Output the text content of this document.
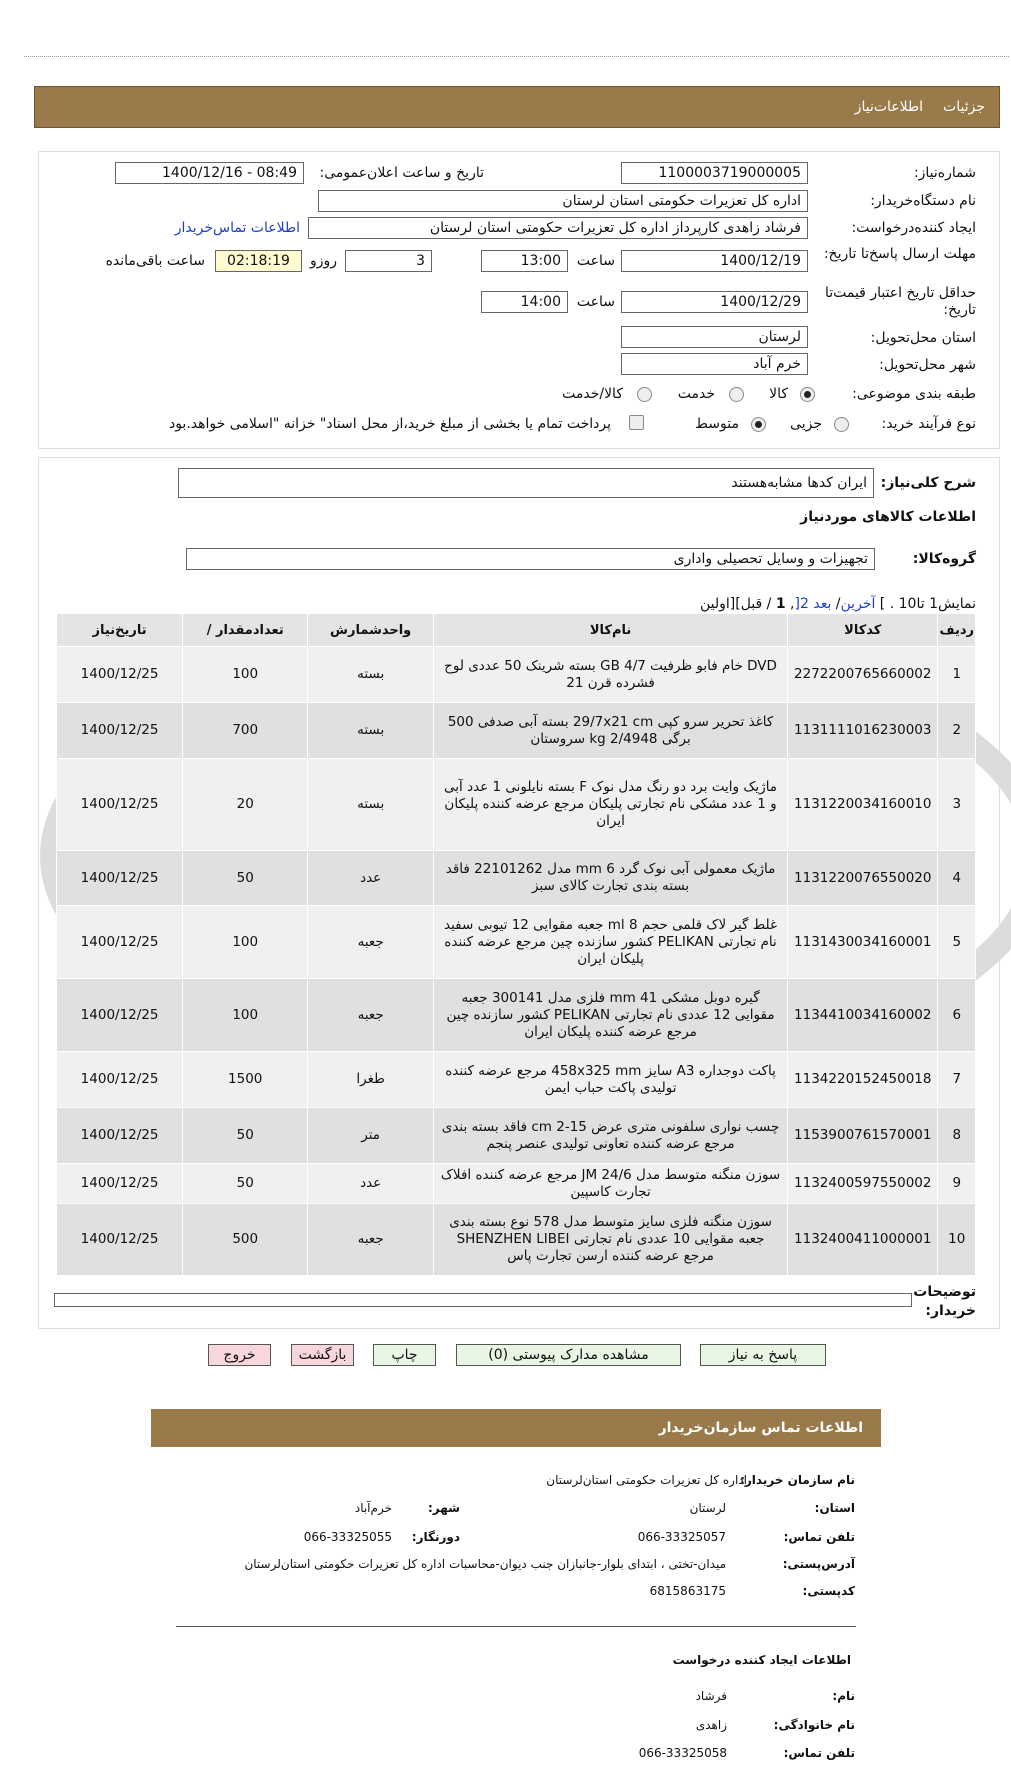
جزئیات
اطلاعات‌نیاز
شماره‌نیاز:
1100003719000005
تاریخ و ساعت اعلان‌عمومی:
1400/12/16 - 08:49
نام دستگاه‌خریدار:
اداره کل تعزیرات حکومتی استان لرستان
ایجاد کننده‌درخواست:
فرشاد زاهدی کارپرداز اداره کل تعزیرات حکومتی استان لرستان
اطلاعات تماس‌خریدار
مهلت ارسال پاسخ‌تا تاریخ:
1400/12/19
ساعت
13:00
3
روزو
02:18:19
ساعت باقی‌مانده
حداقل تاریخ اعتبار قیمت‌تا تاریخ:
1400/12/29
ساعت
14:00
استان محل‌تحویل:
لرستان
شهر محل‌تحویل:
خرم آباد
طبقه بندی موضوعی:
کالا
خدمت
کالا/خدمت
نوع فرآیند خرید:
جزیی
متوسط
پرداخت تمام یا بخشی از مبلغ خرید،از محل اسناد" خزانه "اسلامی خواهد.بود
شرح کلی‌نیاز:
ایران کدها مشابه‌هستند
اطلاعات کالاهای موردنیاز
گروه‌کالا:
تجهیزات و وسایل تحصیلی واداری
نمایش1 تا10 . ] آخرین/ بعد 2[, 1 / قبل][اولین
ردیف	کدکالا	نام‌کالا	واحدشمارش	تعداد‌مقدار /	تاریخ‌نیاز
1	2272200765660002	DVD خام فابو ظرفیت 4/7 GB بسته شرینک 50 عددی لوح فشرده قرن 21	بسته	100	1400/12/25
2	1131111016230003	کاغذ تحریر سرو کپی 29/7x21 cm بسته آبی صدفی 500 برگی 2/4948 kg سروستان	بسته	700	1400/12/25
3	1131220034160010	ماژیک وایت برد دو رنگ مدل نوک F بسته نایلونی 1 عدد آبی و 1 عدد مشکی نام تجارتی پلیکان مرجع عرضه کننده پلیکان ایران	بسته	20	1400/12/25
4	1131220076550020	ماژیک معمولی آبی نوک گرد 6 mm مدل 22101262 فاقد بسته بندی تجارت کالای سبز	عدد	50	1400/12/25
5	1131430034160001	غلط گیر لاک قلمی حجم 8 ml جعبه مقوایی 12 تیوبی سفید نام تجارتی PELIKAN کشور سازنده چین مرجع عرضه کننده پلیکان ایران	جعبه	100	1400/12/25
6	1134410034160002	گیره دوبل مشکی 41 mm فلزی مدل 300141 جعبه مقوایی 12 عددی نام تجارتی PELIKAN کشور سازنده چین مرجع عرضه کننده پلیکان ایران	جعبه	100	1400/12/25
7	1134220152450018	پاکت دوجداره A3 سایز 458x325 mm مرجع عرضه کننده تولیدی پاکت حباب ایمن	طغرا	1500	1400/12/25
8	1153900761570001	چسب نواری سلفونی متری عرض 15-2 cm فاقد بسته بندی مرجع عرضه کننده تعاونی تولیدی عنصر پنجم	متر	50	1400/12/25
9	1132400597550002	سوزن منگنه متوسط مدل JM 24/6 مرجع عرضه کننده افلاک تجارت کاسپین	عدد	50	1400/12/25
10	1132400411000001	سوزن منگنه فلزی سایز متوسط مدل 578 نوع بسته بندی جعبه مقوایی 10 عددی نام تجارتی SHENZHEN LIBEI مرجع عرضه کننده ارسن تجارت پاس	جعبه	500	1400/12/25
توضیحات خریدار:
پاسخ به نیاز
مشاهده مدارک پیوستی (0)
چاپ
بازگشت
خروج
اطلاعات تماس سازمان‌خریدار
نام سازمان خریدار:
اداره کل تعزیرات حکومتی استان‌لرستان
استان:
لرستان
شهر:
خرم‌آباد
تلفن تماس:
066-33325057
دورنگار:
066-33325055
آدرس‌پستی:
میدان-تختی ، ابتدای بلوار-جانبازان جنب دیوان-محاسبات اداره کل تعزیرات حکومتی استان‌لرستان
کدپستی:
6815863175
اطلاعات ایجاد کننده درخواست
نام:
فرشاد
نام خانوادگی:
زاهدی
تلفن تماس:
066-33325058
